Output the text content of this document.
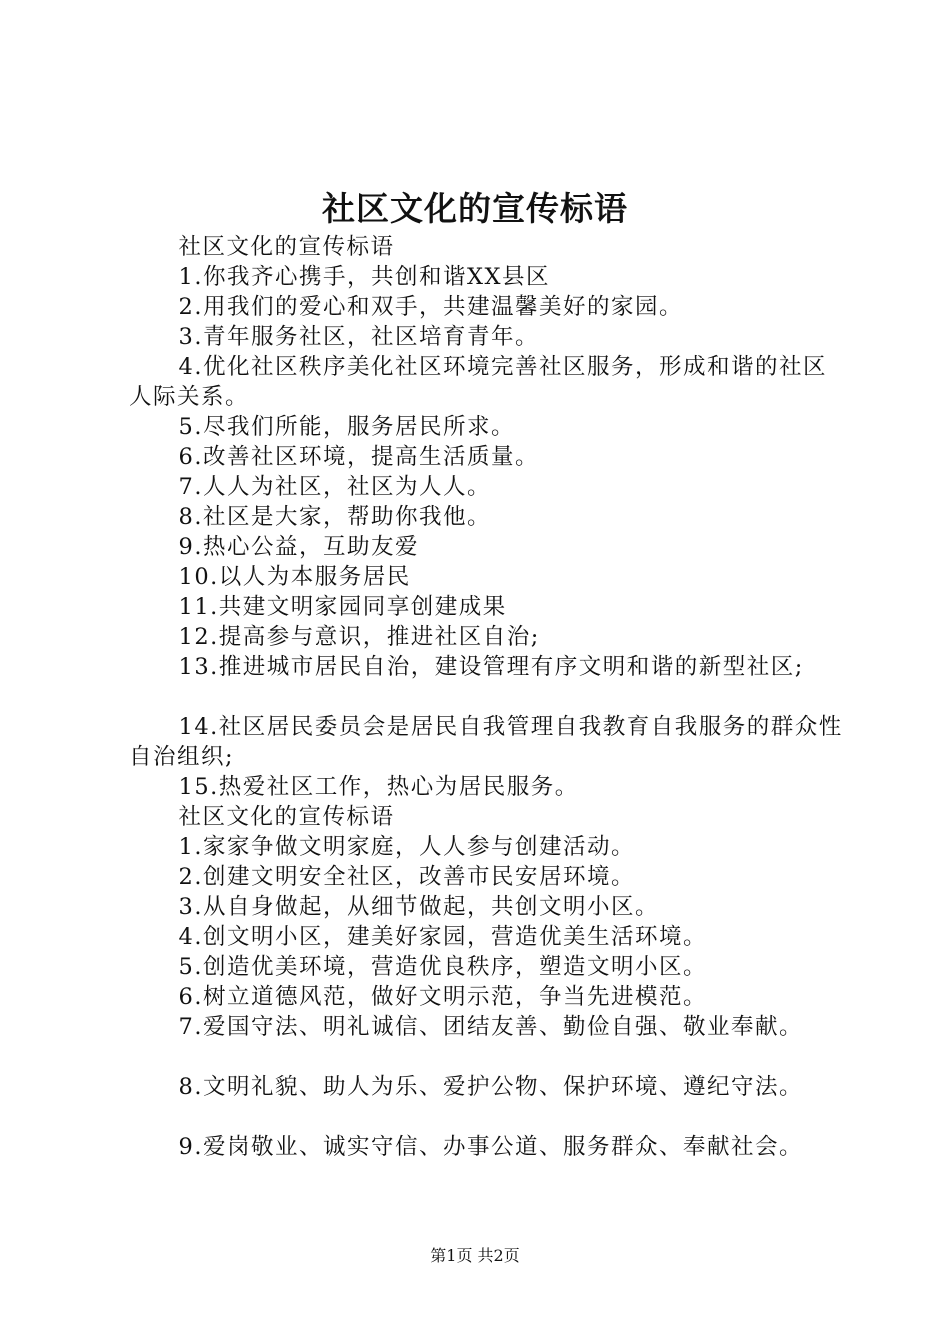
社区文化的宣传标语

社区文化的宣传标语

1.你我齐心携手，共创和谐XX县区

2.用我们的爱心和双手，共建温馨美好的家园。

3.青年服务社区，社区培育青年。

4.优化社区秩序美化社区环境完善社区服务，形成和谐的社区人际关系。

5.尽我们所能，服务居民所求。

6.改善社区环境，提高生活质量。

7.人人为社区，社区为人人。

8.社区是大家，帮助你我他。

9.热心公益，互助友爱

10.以人为本服务居民

11.共建文明家园同享创建成果

12.提高参与意识，推进社区自治;

13.推进城市居民自治，建设管理有序文明和谐的新型社区;

14.社区居民委员会是居民自我管理自我教育自我服务的群众性自治组织;

15.热爱社区工作，热心为居民服务。

社区文化的宣传标语

1.家家争做文明家庭，人人参与创建活动。

2.创建文明安全社区，改善市民安居环境。

3.从自身做起，从细节做起，共创文明小区。

4.创文明小区，建美好家园，营造优美生活环境。

5.创造优美环境，营造优良秩序，塑造文明小区。

6.树立道德风范，做好文明示范，争当先进模范。

7.爱国守法、明礼诚信、团结友善、勤俭自强、敬业奉献。

8.文明礼貌、助人为乐、爱护公物、保护环境、遵纪守法。

9.爱岗敬业、诚实守信、办事公道、服务群众、奉献社会。

第1页 共2页
